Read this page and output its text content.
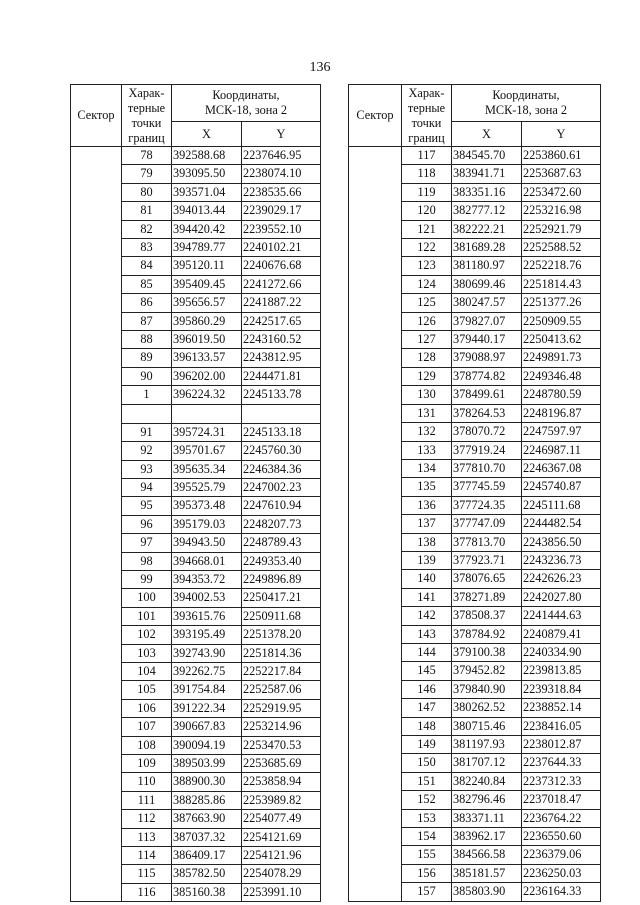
136
Сектор	Харак-
терные
точки
границ	Координаты,
МСК-18, зона 2	

		X	Y
	78	392588.68	2237646.95
	79	393095.50	2238074.10
	80	393571.04	2238535.66
	81	394013.44	2239029.17
	82	394420.42	2239552.10
	83	394789.77	2240102.21
	84	395120.11	2240676.68
	85	395409.45	2241272.66
	86	395656.57	2241887.22
	87	395860.29	2242517.65
	88	396019.50	2243160.52
	89	396133.57	2243812.95
	90	396202.00	2244471.81
	1	396224.32	2245133.78

	91	395724.31	2245133.18
	92	395701.67	2245760.30
	93	395635.34	2246384.36
	94	395525.79	2247002.23
	95	395373.48	2247610.94
	96	395179.03	2248207.73
	97	394943.50	2248789.43
	98	394668.01	2249353.40
	99	394353.72	2249896.89
	100	394002.53	2250417.21
	101	393615.76	2250911.68
	102	393195.49	2251378.20
	103	392743.90	2251814.36
	104	392262.75	2252217.84
	105	391754.84	2252587.06
	106	391222.34	2252919.95
	107	390667.83	2253214.96
	108	390094.19	2253470.53
	109	389503.99	2253685.69
	110	388900.30	2253858.94
	111	388285.86	2253989.82
	112	387663.90	2254077.49
	113	387037.32	2254121.69
	114	386409.17	2254121.96
	115	385782.50	2254078.29
	116	385160.38	2253991.10
Сектор	Харак-
терные
точки
границ	Координаты,
МСК-18, зона 2	

		X	Y
	117	384545.70	2253860.61
	118	383941.71	2253687.63
	119	383351.16	2253472.60
	120	382777.12	2253216.98
	121	382222.21	2252921.79
	122	381689.28	2252588.52
	123	381180.97	2252218.76
	124	380699.46	2251814.43
	125	380247.57	2251377.26
	126	379827.07	2250909.55
	127	379440.17	2250413.62
	128	379088.97	2249891.73
	129	378774.82	2249346.48
	130	378499.61	2248780.59
	131	378264.53	2248196.87
	132	378070.72	2247597.97
	133	377919.24	2246987.11
	134	377810.70	2246367.08
	135	377745.59	2245740.87
	136	377724.35	2245111.68
	137	377747.09	2244482.54
	138	377813.70	2243856.50
	139	377923.71	2243236.73
	140	378076.65	2242626.23
	141	378271.89	2242027.80
	142	378508.37	2241444.63
	143	378784.92	2240879.41
	144	379100.38	2240334.90
	145	379452.82	2239813.85
	146	379840.90	2239318.84
	147	380262.52	2238852.14
	148	380715.46	2238416.05
	149	381197.93	2238012.87
	150	381707.12	2237644.33
	151	382240.84	2237312.33
	152	382796.46	2237018.47
	153	383371.11	2236764.22
	154	383962.17	2236550.60
	155	384566.58	2236379.06
	156	385181.57	2236250.03
	157	385803.90	2236164.33
